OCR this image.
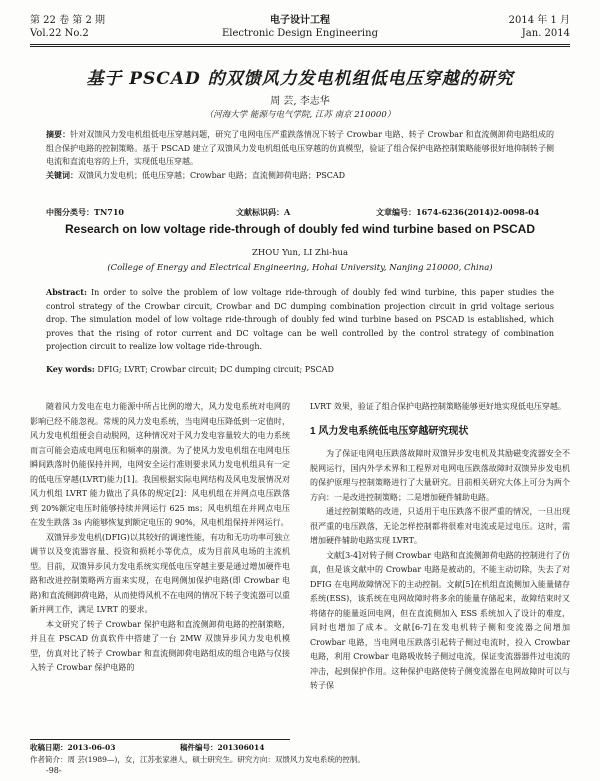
第 22 卷 第 2 期
Vol.22 No.2
电子设计工程
Electronic Design Engineering
2014 年 1 月
Jan. 2014
基于 PSCAD 的双馈风力发电机组低电压穿越的研究
周 芸, 李志华
（河海大学 能源与电气学院, 江苏 南京 210000）
摘要：针对双馈风力发电机组低电压穿越问题，研究了电网电压严重跌落情况下转子 Crowbar 电路、转子 Crowbar 和直流侧卸荷电路组成的组合保护电路的控制策略。基于 PSCAD 建立了双馈风力发电机组低电压穿越的仿真模型，验证了组合保护电路控制策略能够很好地抑制转子侧电流和直流电容的上升，实现低电压穿越。
关键词：双馈风力发电机；低电压穿越；Crowbar 电路；直流侧卸荷电路；PSCAD
中图分类号：TN710	文献标识码：A	文章编号：1674-6236(2014)2-0098-04
Research on low voltage ride-through of doubly fed wind turbine based on PSCAD
ZHOU Yun, LI Zhi-hua
(College of Energy and Electrical Engineering, Hohai University, Nanjing 210000, China)
Abstract: In order to solve the problem of low voltage ride-through of doubly fed wind turbine, this paper studies the control strategy of the Crowbar circuit, Crowbar and DC dumping combination projection circuit in grid voltage serious drop. The simulation model of low voltage ride-through of doubly fed wind turbine based on PSCAD is established, which proves that the rising of rotor current and DC voltage can be well controlled by the control strategy of combination projection circuit to realize low voltage ride-through.
Key words: DFIG; LVRT; Crowbar circuit; DC dumping circuit; PSCAD

随着风力发电在电力能源中所占比例的增大，风力发电系统对电网的影响已经不能忽视。常规的风力发电系统，当电网电压降低到一定值时，风力发电机组便会自动脱网，这种情况对于风力发电容量较大的电力系统而言可能会造成电网电压和频率的崩溃。为了使风力发电机组在电网电压瞬间跌落时仍能保持并网，电网安全运行准则要求风力发电机组具有一定的低电压穿越(LVRT)能力[1]。我国根据实际电网结构及风电发展情况对风力机组 LVRT 能力做出了具体的规定[2]：风电机组在并网点电压跌落到 20%额定电压时能够持续并网运行 625 ms；风电机组在并网点电压在发生跌落 3s 内能够恢复到额定电压的 90%，风电机组保持并网运行。

双馈异步发电机(DFIG)以其较好的调速性能，有功和无功功率可独立调节以及变流器容量、投资和损耗小等优点，成为目前风电场的主流机型。目前，双馈异步风力发电系统实现低电压穿越主要是通过增加硬件电路和改进控制策略两方面来实现，在电网侧加保护电路(即 Crowbar 电路)和直流侧卸荷电路，从而使得风机不在电网的情况下转子变流器可以重新并网工作，满足 LVRT 的要求。

本文研究了转子 Crowbar 保护电路和直流侧卸荷电路的控制策略，并且在 PSCAD 仿真软件中搭建了一台 2MW 双馈异步风力发电机模型，仿真对比了转子 Crowbar 和直流侧卸荷电路组成的组合电路与仅接入转子 Crowbar 保护电路的

LVRT 效果，验证了组合保护电路控制策略能够更好地实现低电压穿越。

1 风力发电系统低电压穿越研究现状

为了保证电网电压跌落故障时双馈异步发电机及其励磁变流器安全不脱网运行，国内外学术界和工程界对电网电压跌落故障时双馈异步发电机的保护原理与控制策略进行了大量研究。目前相关研究大体上可分为两个方向：一是改进控制策略；二是增加硬件辅助电路。

通过控制策略的改进，只适用于电压跌落不很严重的情况，一旦出现很严重的电压跌落，无论怎样控制都将很难对电流或是过电压。这时，需增加硬件辅助电路实现 LVRT。

文献[3-4]对转子侧 Crowbar 电路和直流侧卸荷电路的控制进行了仿真，但是该文献中的 Crowbar 电路是被动的，不能主动切除，失去了对 DFIG 在电网故障情况下的主动控制。文献[5]在机组直流侧加入能量储存系统(ESS)，该系统在电网故障时将多余的能量存储起来，故障结束时又将储存的能量返回电网，但在直流侧加入 ESS 系统加入了设计的难度，同时也增加了成本。文献[6-7]在发电机转子侧和变流器之间增加 Crowbar 电路，当电网电压跌落引起转子侧过电流时，投入 Crowbar 电路，利用 Crowbar 电路吸收转子侧过电流，保证变流器器件过电流的冲击，起到保护作用。这种保护电路使转子侧变流器在电网故障时可以与转子保

收稿日期：2013-06-03	稿件编号：201306014
作者简介：周 芸(1989—)，女，江苏张家港人，硕士研究生。研究方向：双馈风力发电系统的控制。
-98-
